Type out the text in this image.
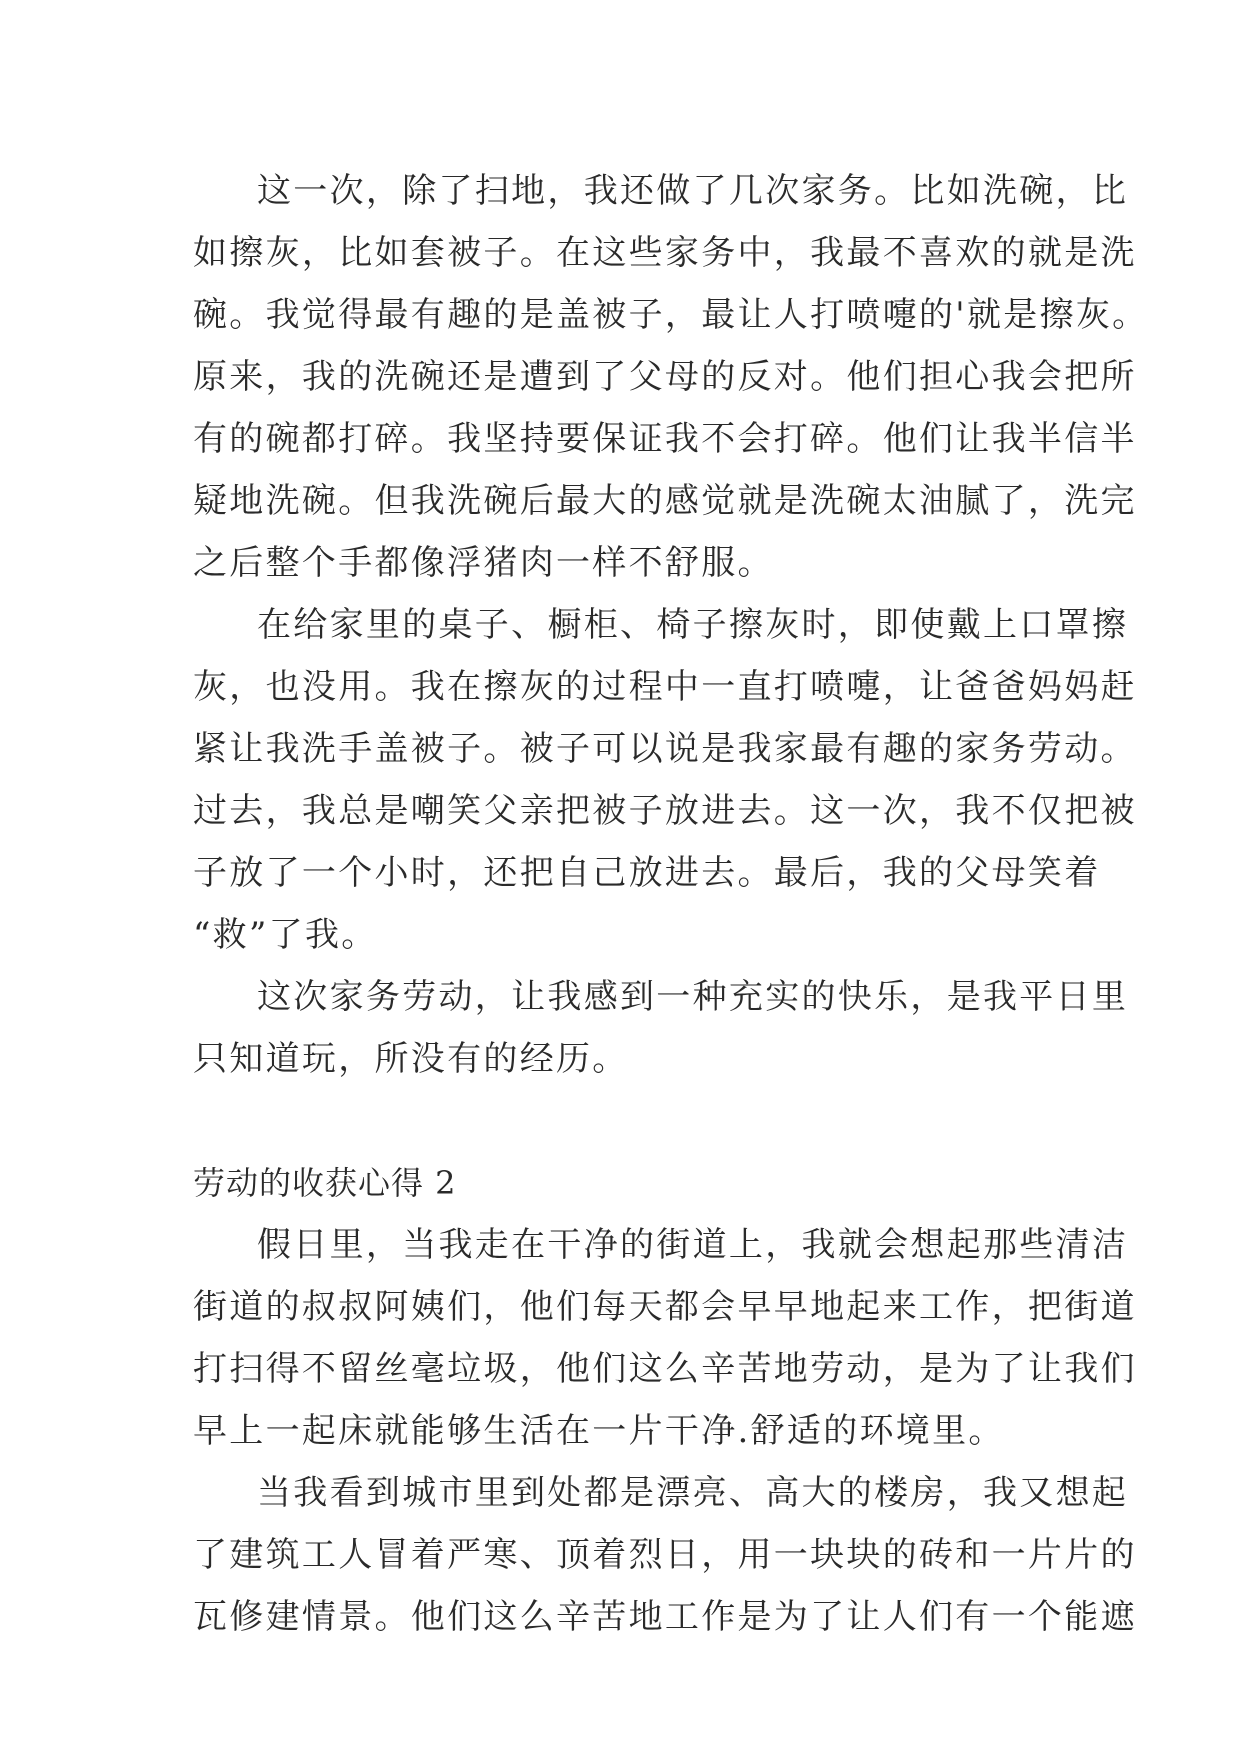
这一次，除了扫地，我还做了几次家务。比如洗碗，比
如擦灰，比如套被子。在这些家务中，我最不喜欢的就是洗
碗。我觉得最有趣的是盖被子，最让人打喷嚏的'就是擦灰。
原来，我的洗碗还是遭到了父母的反对。他们担心我会把所
有的碗都打碎。我坚持要保证我不会打碎。他们让我半信半
疑地洗碗。但我洗碗后最大的感觉就是洗碗太油腻了，洗完
之后整个手都像浮猪肉一样不舒服。
在给家里的桌子、橱柜、椅子擦灰时，即使戴上口罩擦
灰，也没用。我在擦灰的过程中一直打喷嚏，让爸爸妈妈赶
紧让我洗手盖被子。被子可以说是我家最有趣的家务劳动。
过去，我总是嘲笑父亲把被子放进去。这一次，我不仅把被
子放了一个小时，还把自己放进去。最后，我的父母笑着
“救”了我。
这次家务劳动，让我感到一种充实的快乐，是我平日里
只知道玩，所没有的经历。
劳动的收获心得 2
假日里，当我走在干净的街道上，我就会想起那些清洁
街道的叔叔阿姨们，他们每天都会早早地起来工作，把街道
打扫得不留丝毫垃圾，他们这么辛苦地劳动，是为了让我们
早上一起床就能够生活在一片干净.舒适的环境里。
当我看到城市里到处都是漂亮、高大的楼房，我又想起
了建筑工人冒着严寒、顶着烈日，用一块块的砖和一片片的
瓦修建情景。他们这么辛苦地工作是为了让人们有一个能遮
